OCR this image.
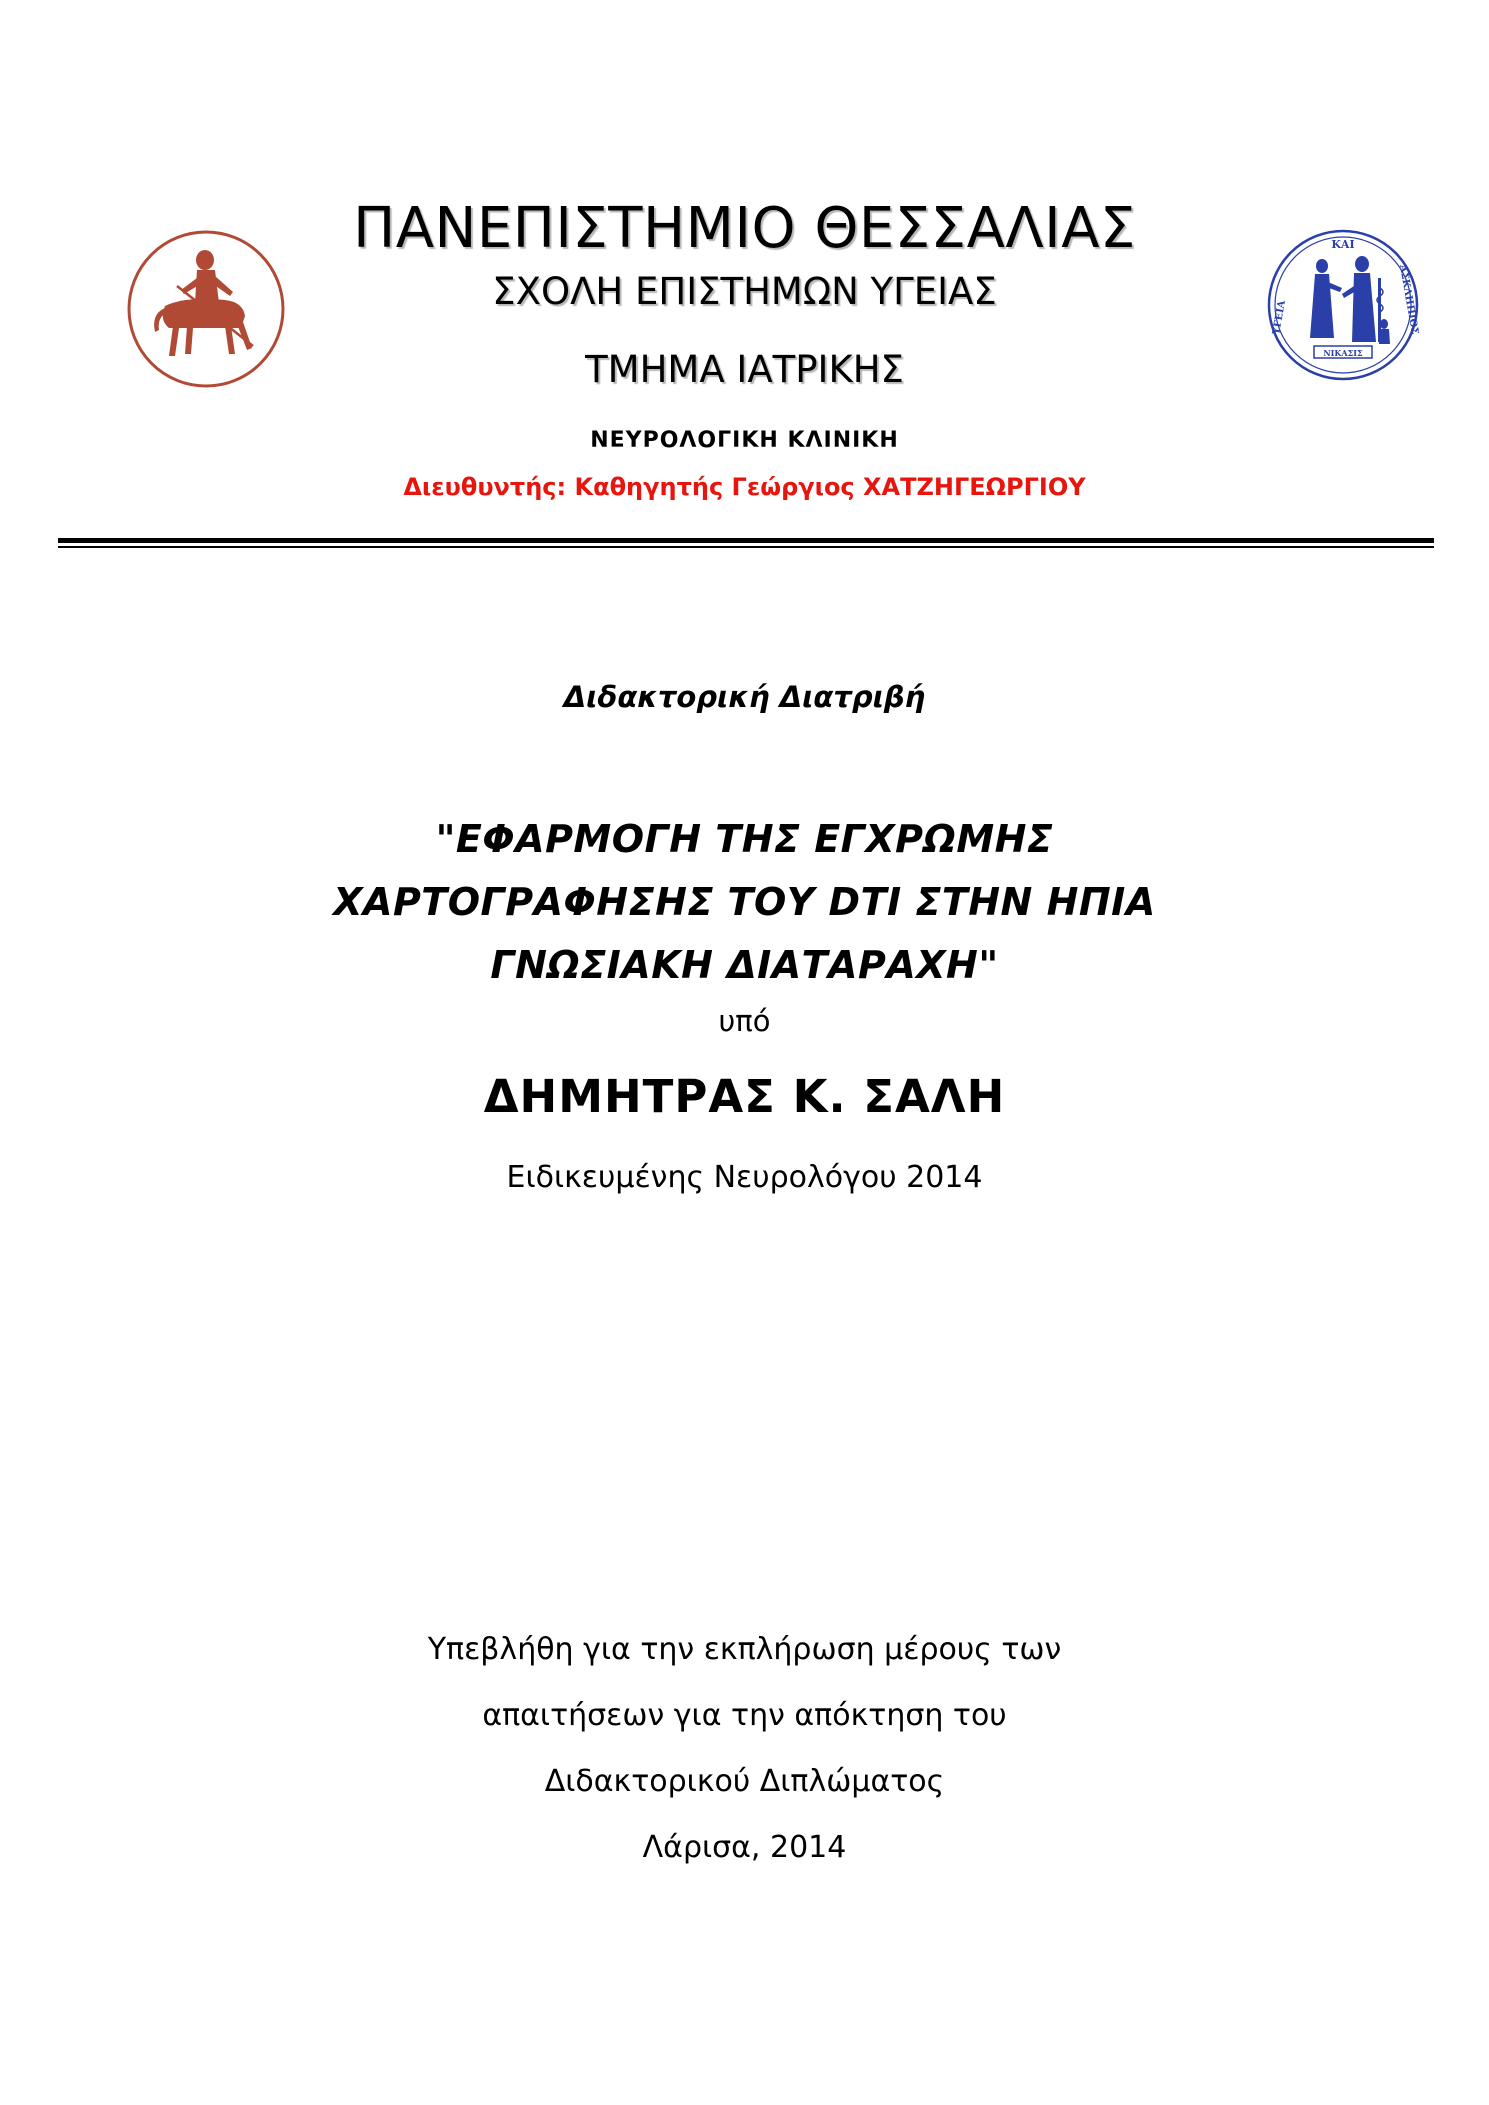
ΚΑΙ
ΥΓΕΙΑ	ΑΣΚΛΗΠΙΟΣ
ΝΙΚΑΣΙΣ
ΠΑΝΕΠΙΣΤΗΜΙΟ ΘΕΣΣΑΛΙΑΣ
ΣΧΟΛΗ ΕΠΙΣΤΗΜΩΝ ΥΓΕΙΑΣ
ΤΜΗΜΑ ΙΑΤΡΙΚΗΣ
ΝΕΥΡΟΛΟΓΙΚΗ ΚΛΙΝΙΚΗ
Διευθυντής: Καθηγητής Γεώργιος ΧΑΤΖΗΓΕΩΡΓΙΟΥ
Διδακτορική Διατριβή
"ΕΦΑΡΜΟΓΗ ΤΗΣ ΕΓΧΡΩΜΗΣ
ΧΑΡΤΟΓΡΑΦΗΣΗΣ ΤΟΥ DTI ΣΤΗΝ ΗΠΙΑ
ΓΝΩΣΙΑΚΗ ΔΙΑΤΑΡΑΧΗ"
υπό
ΔΗΜΗΤΡΑΣ Κ. ΣΑΛΗ
Ειδικευμένης Νευρολόγου 2014
Υπεβλήθη για την εκπλήρωση μέρους των
απαιτήσεων για την απόκτηση του
Διδακτορικού Διπλώματος
Λάρισα, 2014
